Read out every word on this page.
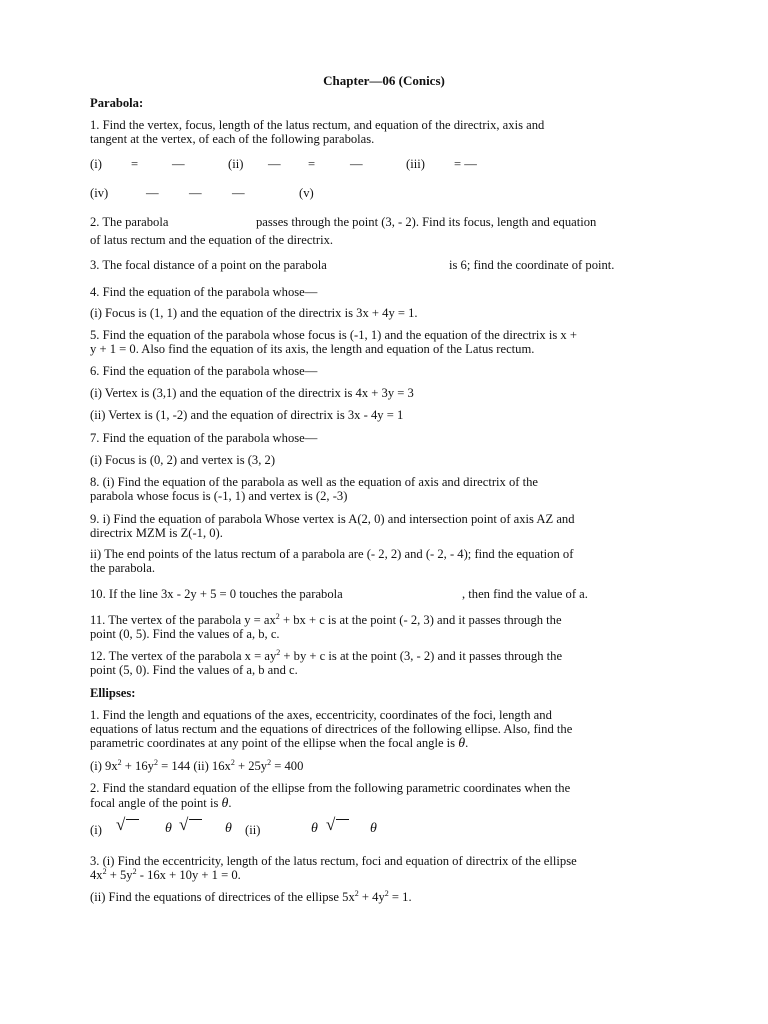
Chapter—06 (Conics)
Parabola:
1. Find the vertex, focus, length of the latus rectum, and equation of the directrix, axis and
tangent at the vertex, of each of the following parabolas.
(i) =	—	(ii) — =	—	(iii) = —
(iv)	— — —	(v)
2. The parabola	passes through the point (3, - 2). Find its focus, length and equation
of latus rectum and the equation of the directrix.
3. The focal distance of a point on the parabola	is 6; find the coordinate of point.
4. Find the equation of the parabola whose—
(i) Focus is (1, 1) and the equation of the directrix is 3x + 4y = 1.
5. Find the equation of the parabola whose focus is (-1, 1) and the equation of the directrix is x +
y + 1 = 0. Also find the equation of its axis, the length and equation of the Latus rectum.
6. Find the equation of the parabola whose—
(i) Vertex is (3,1) and the equation of the directrix is 4x + 3y = 3
(ii) Vertex is (1, -2) and the equation of directrix is 3x - 4y = 1
7. Find the equation of the parabola whose—
(i) Focus is (0, 2) and vertex is (3, 2)
8. (i) Find the equation of the parabola as well as the equation of axis and directrix of the
parabola whose focus is (-1, 1) and vertex is (2, -3)
9. i) Find the equation of parabola Whose vertex is A(2, 0) and intersection point of axis AZ and
directrix MZM is Z(-1, 0).
ii) The end points of the latus rectum of a parabola are (- 2, 2) and (- 2, - 4); find the equation of
the parabola.
10. If the line 3x - 2y + 5 = 0 touches the parabola	, then find the value of a.
11. The vertex of the parabola $y = ax^2$ + bx + c is at the point (- 2, 3) and it passes through the
point (0, 5). Find the values of a, b, c.
12. The vertex of the parabola $x = ay^2$ + by + c is at the point (3, - 2) and it passes through the
point (5, 0). Find the values of a, b and c.
Ellipses:
1. Find the length and equations of the axes, eccentricity, coordinates of the foci, length and
equations of latus rectum and the equations of directrices of the following ellipse. Also, find the
parametric coordinates at any point of the ellipse when the focal angle is θ.
(i) $9x^2 + 16y^2 = 144$ (ii) $16x^2 + 25y^2 = 400$
2. Find the standard equation of the ellipse from the following parametric coordinates when the
focal angle of the point is θ.
(i) √	θ √	θ (ii)	θ √ θ
3. (i) Find the eccentricity, length of the latus rectum, foci and equation of directrix of the ellipse
$4x^2 + 5y^2 - 16x + 10y + 1 = 0$.
(ii) Find the equations of directrices of the ellipse $5x^2 + 4y^2 = 1$.
